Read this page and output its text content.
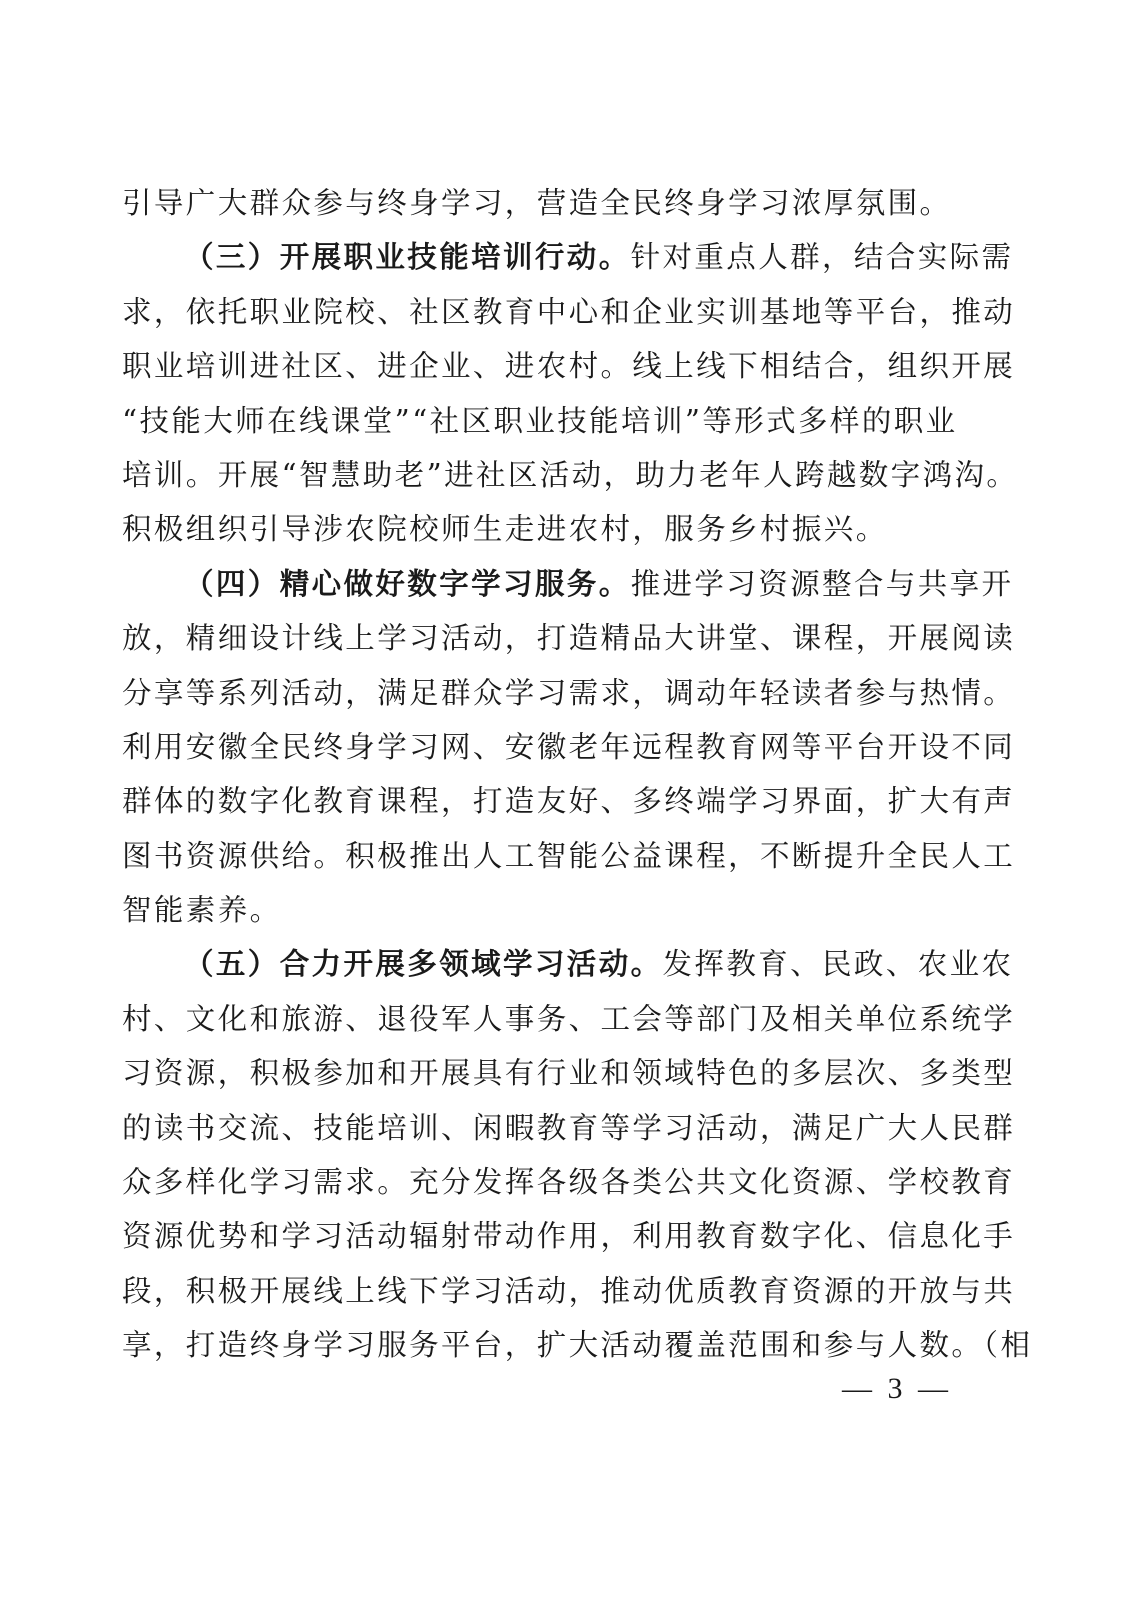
引导广大群众参与终身学习，营造全民终身学习浓厚氛围。
（三）开展职业技能培训行动。针对重点人群，结合实际需
求，依托职业院校、社区教育中心和企业实训基地等平台，推动
职业培训进社区、进企业、进农村。线上线下相结合，组织开展
“技能大师在线课堂”“社区职业技能培训”等形式多样的职业
培训。开展“智慧助老”进社区活动，助力老年人跨越数字鸿沟。
积极组织引导涉农院校师生走进农村，服务乡村振兴。
（四）精心做好数字学习服务。推进学习资源整合与共享开
放，精细设计线上学习活动，打造精品大讲堂、课程，开展阅读
分享等系列活动，满足群众学习需求，调动年轻读者参与热情。
利用安徽全民终身学习网、安徽老年远程教育网等平台开设不同
群体的数字化教育课程，打造友好、多终端学习界面，扩大有声
图书资源供给。积极推出人工智能公益课程，不断提升全民人工
智能素养。
（五）合力开展多领域学习活动。发挥教育、民政、农业农
村、文化和旅游、退役军人事务、工会等部门及相关单位系统学
习资源，积极参加和开展具有行业和领域特色的多层次、多类型
的读书交流、技能培训、闲暇教育等学习活动，满足广大人民群
众多样化学习需求。充分发挥各级各类公共文化资源、学校教育
资源优势和学习活动辐射带动作用，利用教育数字化、信息化手
段，积极开展线上线下学习活动，推动优质教育资源的开放与共
享，打造终身学习服务平台，扩大活动覆盖范围和参与人数。（相
— 3 —
